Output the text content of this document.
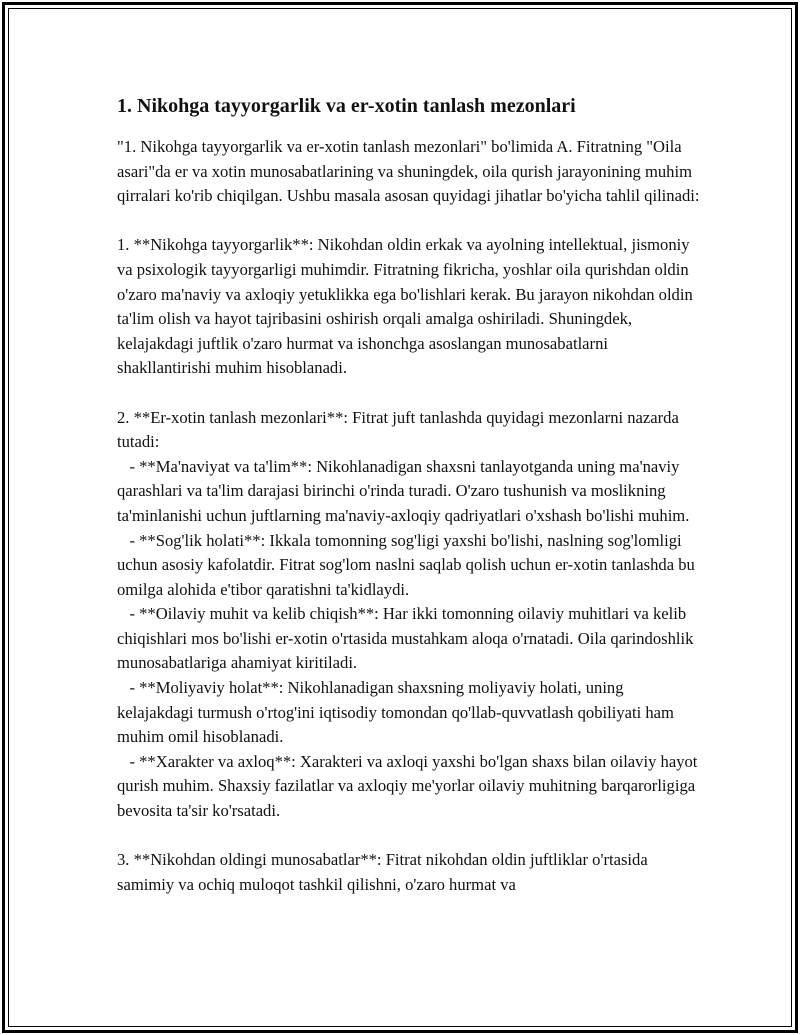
1. Nikohga tayyorgarlik va er-xotin tanlash mezonlari
"1. Nikohga tayyorgarlik va er-xotin tanlash mezonlari" bo'limida A. Fitratning "Oila asari"da er va xotin munosabatlarining va shuningdek, oila qurish jarayonining muhim qirralari ko'rib chiqilgan. Ushbu masala asosan quyidagi jihatlar bo'yicha tahlil qilinadi:
1. **Nikohga tayyorgarlik**: Nikohdan oldin erkak va ayolning intellektual, jismoniy va psixologik tayyorgarligi muhimdir. Fitratning fikricha, yoshlar oila qurishdan oldin o'zaro ma'naviy va axloqiy yetuklikka ega bo'lishlari kerak. Bu jarayon nikohdan oldin ta'lim olish va hayot tajribasini oshirish orqali amalga oshiriladi. Shuningdek, kelajakdagi juftlik o'zaro hurmat va ishonchga asoslangan munosabatlarni shakllantirishi muhim hisoblanadi.
2. **Er-xotin tanlash mezonlari**: Fitrat juft tanlashda quyidagi mezonlarni nazarda tutadi:
- **Ma'naviyat va ta'lim**: Nikohlanadigan shaxsni tanlayotganda uning ma'naviy qarashlari va ta'lim darajasi birinchi o'rinda turadi. O'zaro tushunish va moslikning ta'minlanishi uchun juftlarning ma'naviy-axloqiy qadriyatlari o'xshash bo'lishi muhim.
- **Sog'lik holati**: Ikkala tomonning sog'ligi yaxshi bo'lishi, naslning sog'lomligi uchun asosiy kafolatdir. Fitrat sog'lom naslni saqlab qolish uchun er-xotin tanlashda bu omilga alohida e'tibor qaratishni ta'kidlaydi.
- **Oilaviy muhit va kelib chiqish**: Har ikki tomonning oilaviy muhitlari va kelib chiqishlari mos bo'lishi er-xotin o'rtasida mustahkam aloqa o'rnatadi. Oila qarindoshlik munosabatlariga ahamiyat kiritiladi.
- **Moliyaviy holat**: Nikohlanadigan shaxsning moliyaviy holati, uning kelajakdagi turmush o'rtog'ini iqtisodiy tomondan qo'llab-quvvatlash qobiliyati ham muhim omil hisoblanadi.
- **Xarakter va axloq**: Xarakteri va axloqi yaxshi bo'lgan shaxs bilan oilaviy hayot qurish muhim. Shaxsiy fazilatlar va axloqiy me'yorlar oilaviy muhitning barqarorligiga bevosita ta'sir ko'rsatadi.
3. **Nikohdan oldingi munosabatlar**: Fitrat nikohdan oldin juftliklar o'rtasida samimiy va ochiq muloqot tashkil qilishni, o'zaro hurmat va
